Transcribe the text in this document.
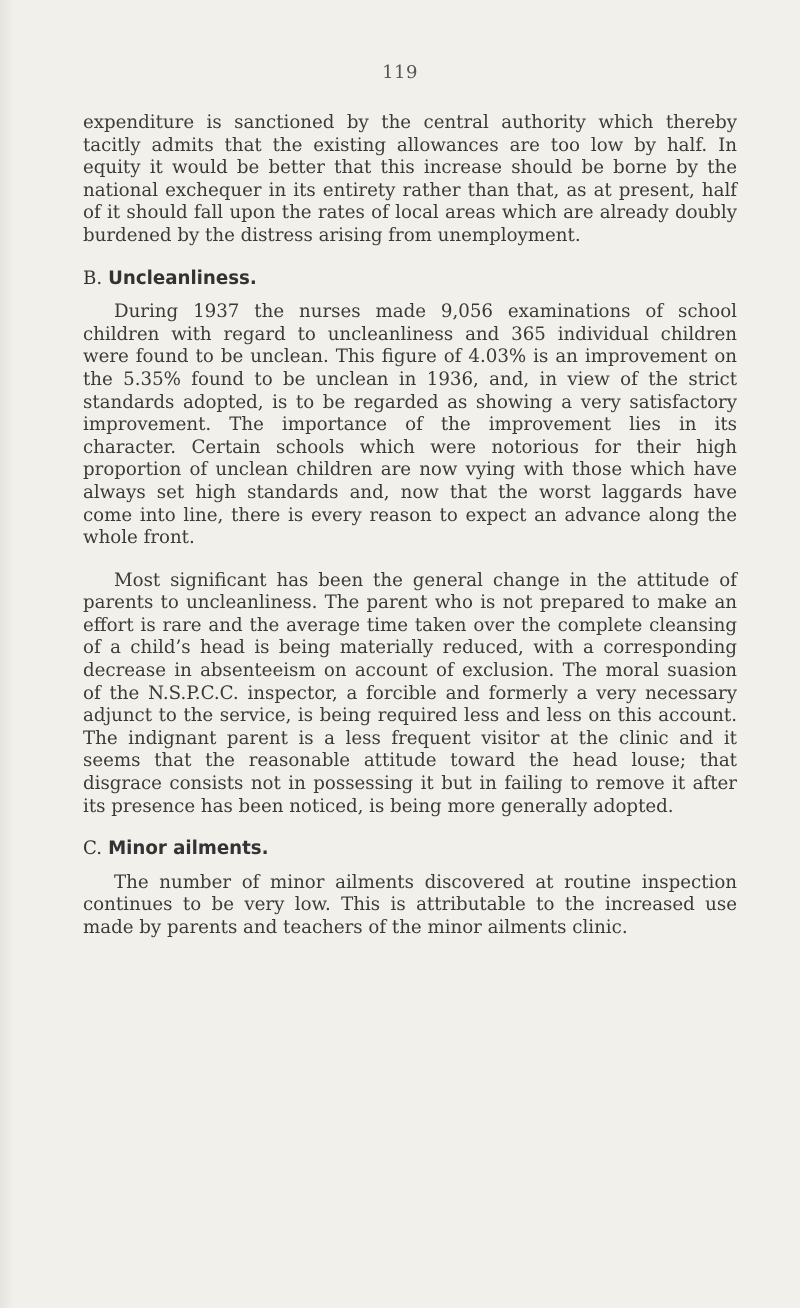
119

expenditure is sanctioned by the central authority which thereby tacitly admits that the existing allowances are too low by half. In equity it would be better that this increase should be borne by the national exchequer in its entirety rather than that, as at present, half of it should fall upon the rates of local areas which are already doubly burdened by the distress arising from unemployment.

B. Uncleanliness.

During 1937 the nurses made 9,056 examinations of school children with regard to uncleanliness and 365 individual children were found to be unclean. This figure of 4.03% is an improvement on the 5.35% found to be unclean in 1936, and, in view of the strict standards adopted, is to be regarded as showing a very satisfactory improvement. The importance of the improvement lies in its character. Certain schools which were notorious for their high proportion of unclean children are now vying with those which have always set high standards and, now that the worst laggards have come into line, there is every reason to expect an advance along the whole front.

Most significant has been the general change in the attitude of parents to uncleanliness. The parent who is not prepared to make an effort is rare and the average time taken over the complete cleansing of a child’s head is being materially reduced, with a corresponding decrease in absenteeism on account of exclusion. The moral suasion of the N.S.P.C.C. inspector, a forcible and formerly a very necessary adjunct to the service, is being required less and less on this account. The indignant parent is a less frequent visitor at the clinic and it seems that the reasonable attitude toward the head louse; that disgrace consists not in possessing it but in failing to remove it after its presence has been noticed, is being more generally adopted.

C. Minor ailments.

The number of minor ailments discovered at routine inspection continues to be very low. This is attributable to the increased use made by parents and teachers of the minor ailments clinic.
